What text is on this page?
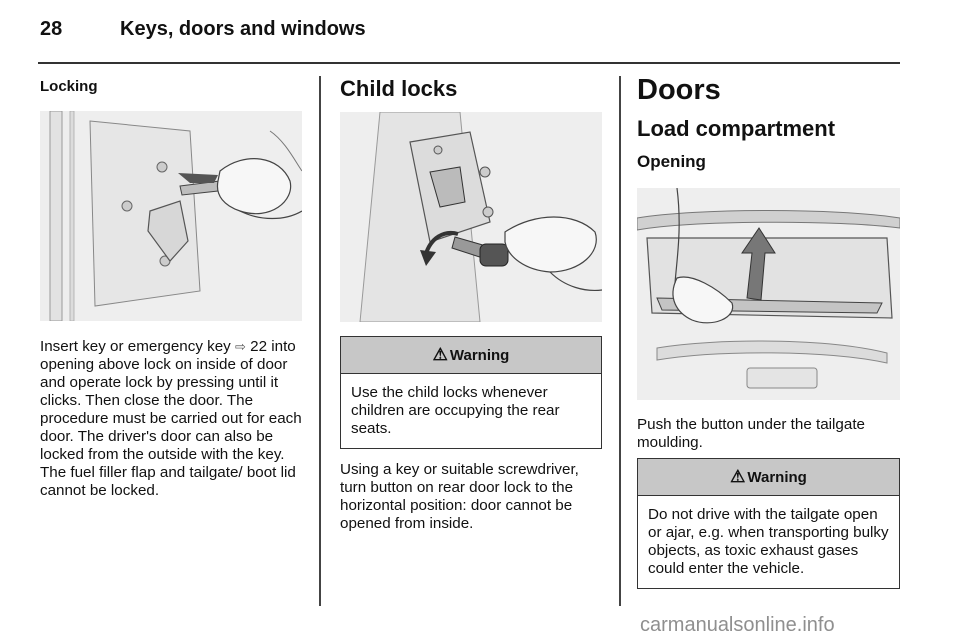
28	Keys, doors and windows
Locking

Insert key or emergency key ⇨ 22 into opening above lock on inside of door and operate lock by pressing until it clicks. Then close the door. The procedure must be carried out for each door. The driver's door can also be locked from the outside with the key. The fuel filler flap and tailgate/ boot lid cannot be locked.

Child locks
⚠ Warning
Use the child locks whenever children are occupying the rear seats.

Using a key or suitable screwdriver, turn button on rear door lock to the horizontal position: door cannot be opened from inside.

Doors
Load compartment
Opening

Push the button under the tailgate moulding.

⚠ Warning
Do not drive with the tailgate open or ajar, e.g. when transporting bulky objects, as toxic exhaust gases could enter the vehicle.
carmanualsonline.info
